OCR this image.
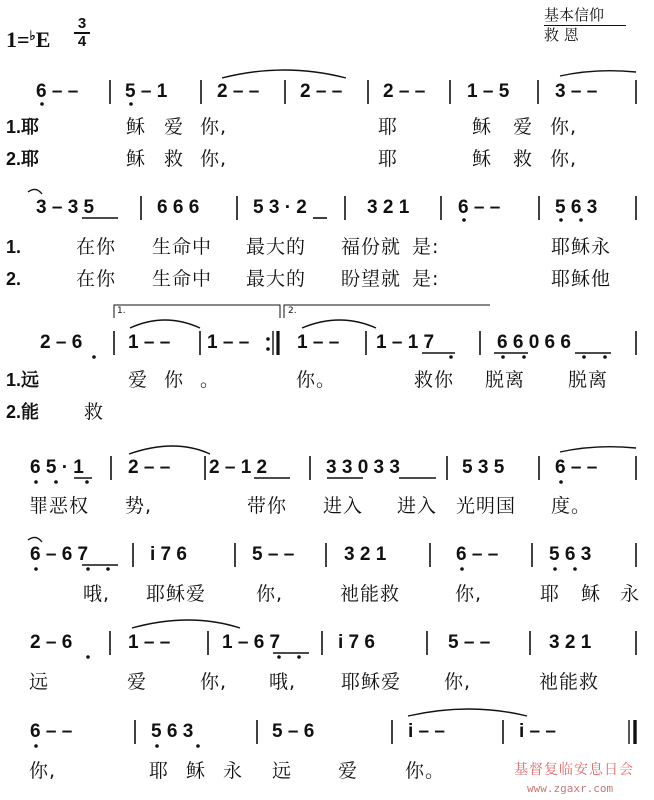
1=♭E
3
4
基本信仰
救 恩
6 – – 5 – 1	2 – – 2 – – 2 – – 1 – 5 3 – –
1.耶	稣 爱 你,	耶	稣 爱 你,
2.耶	稣 救 你,	耶	稣 救 你,
3 – 3 5	6 6 6	5 3 · 2	3 2 1	6 – –	5 6 3
1.	在你 生命中 最大的 福份就 是:	耶稣永
2.	在你 生命中 最大的 盼望就 是:	耶稣他
1.	2.
2 – 6 1 – – 1 – –	1 – – 1 – 1 7	6 6 0 6 6
1.远	爱 你 。	你。	救你 脱离 脱离
2.能 救
6 5 · 1 2 – – 2 – 1 2	3 3 0 3 3	5 3 5	6 – –
罪恶权 势,	带你 进入 进入 光明国 度。
6 – 6 7	i 7 6	5 – –	3 2 1	6 – –	5 6 3
哦, 耶稣爱	你,	祂能救	你,	耶 稣 永
2 – 6	1 – –	1 – 6 7	i 7 6	5 – –	3 2 1
远	爱	你, 哦, 耶稣爱 你,	祂能救
6 – –	5 6 3	5 – 6	i – –	i – –
你,	耶 稣 永 远 爱 你。	基督复临安息日会
www.zgaxr.com
